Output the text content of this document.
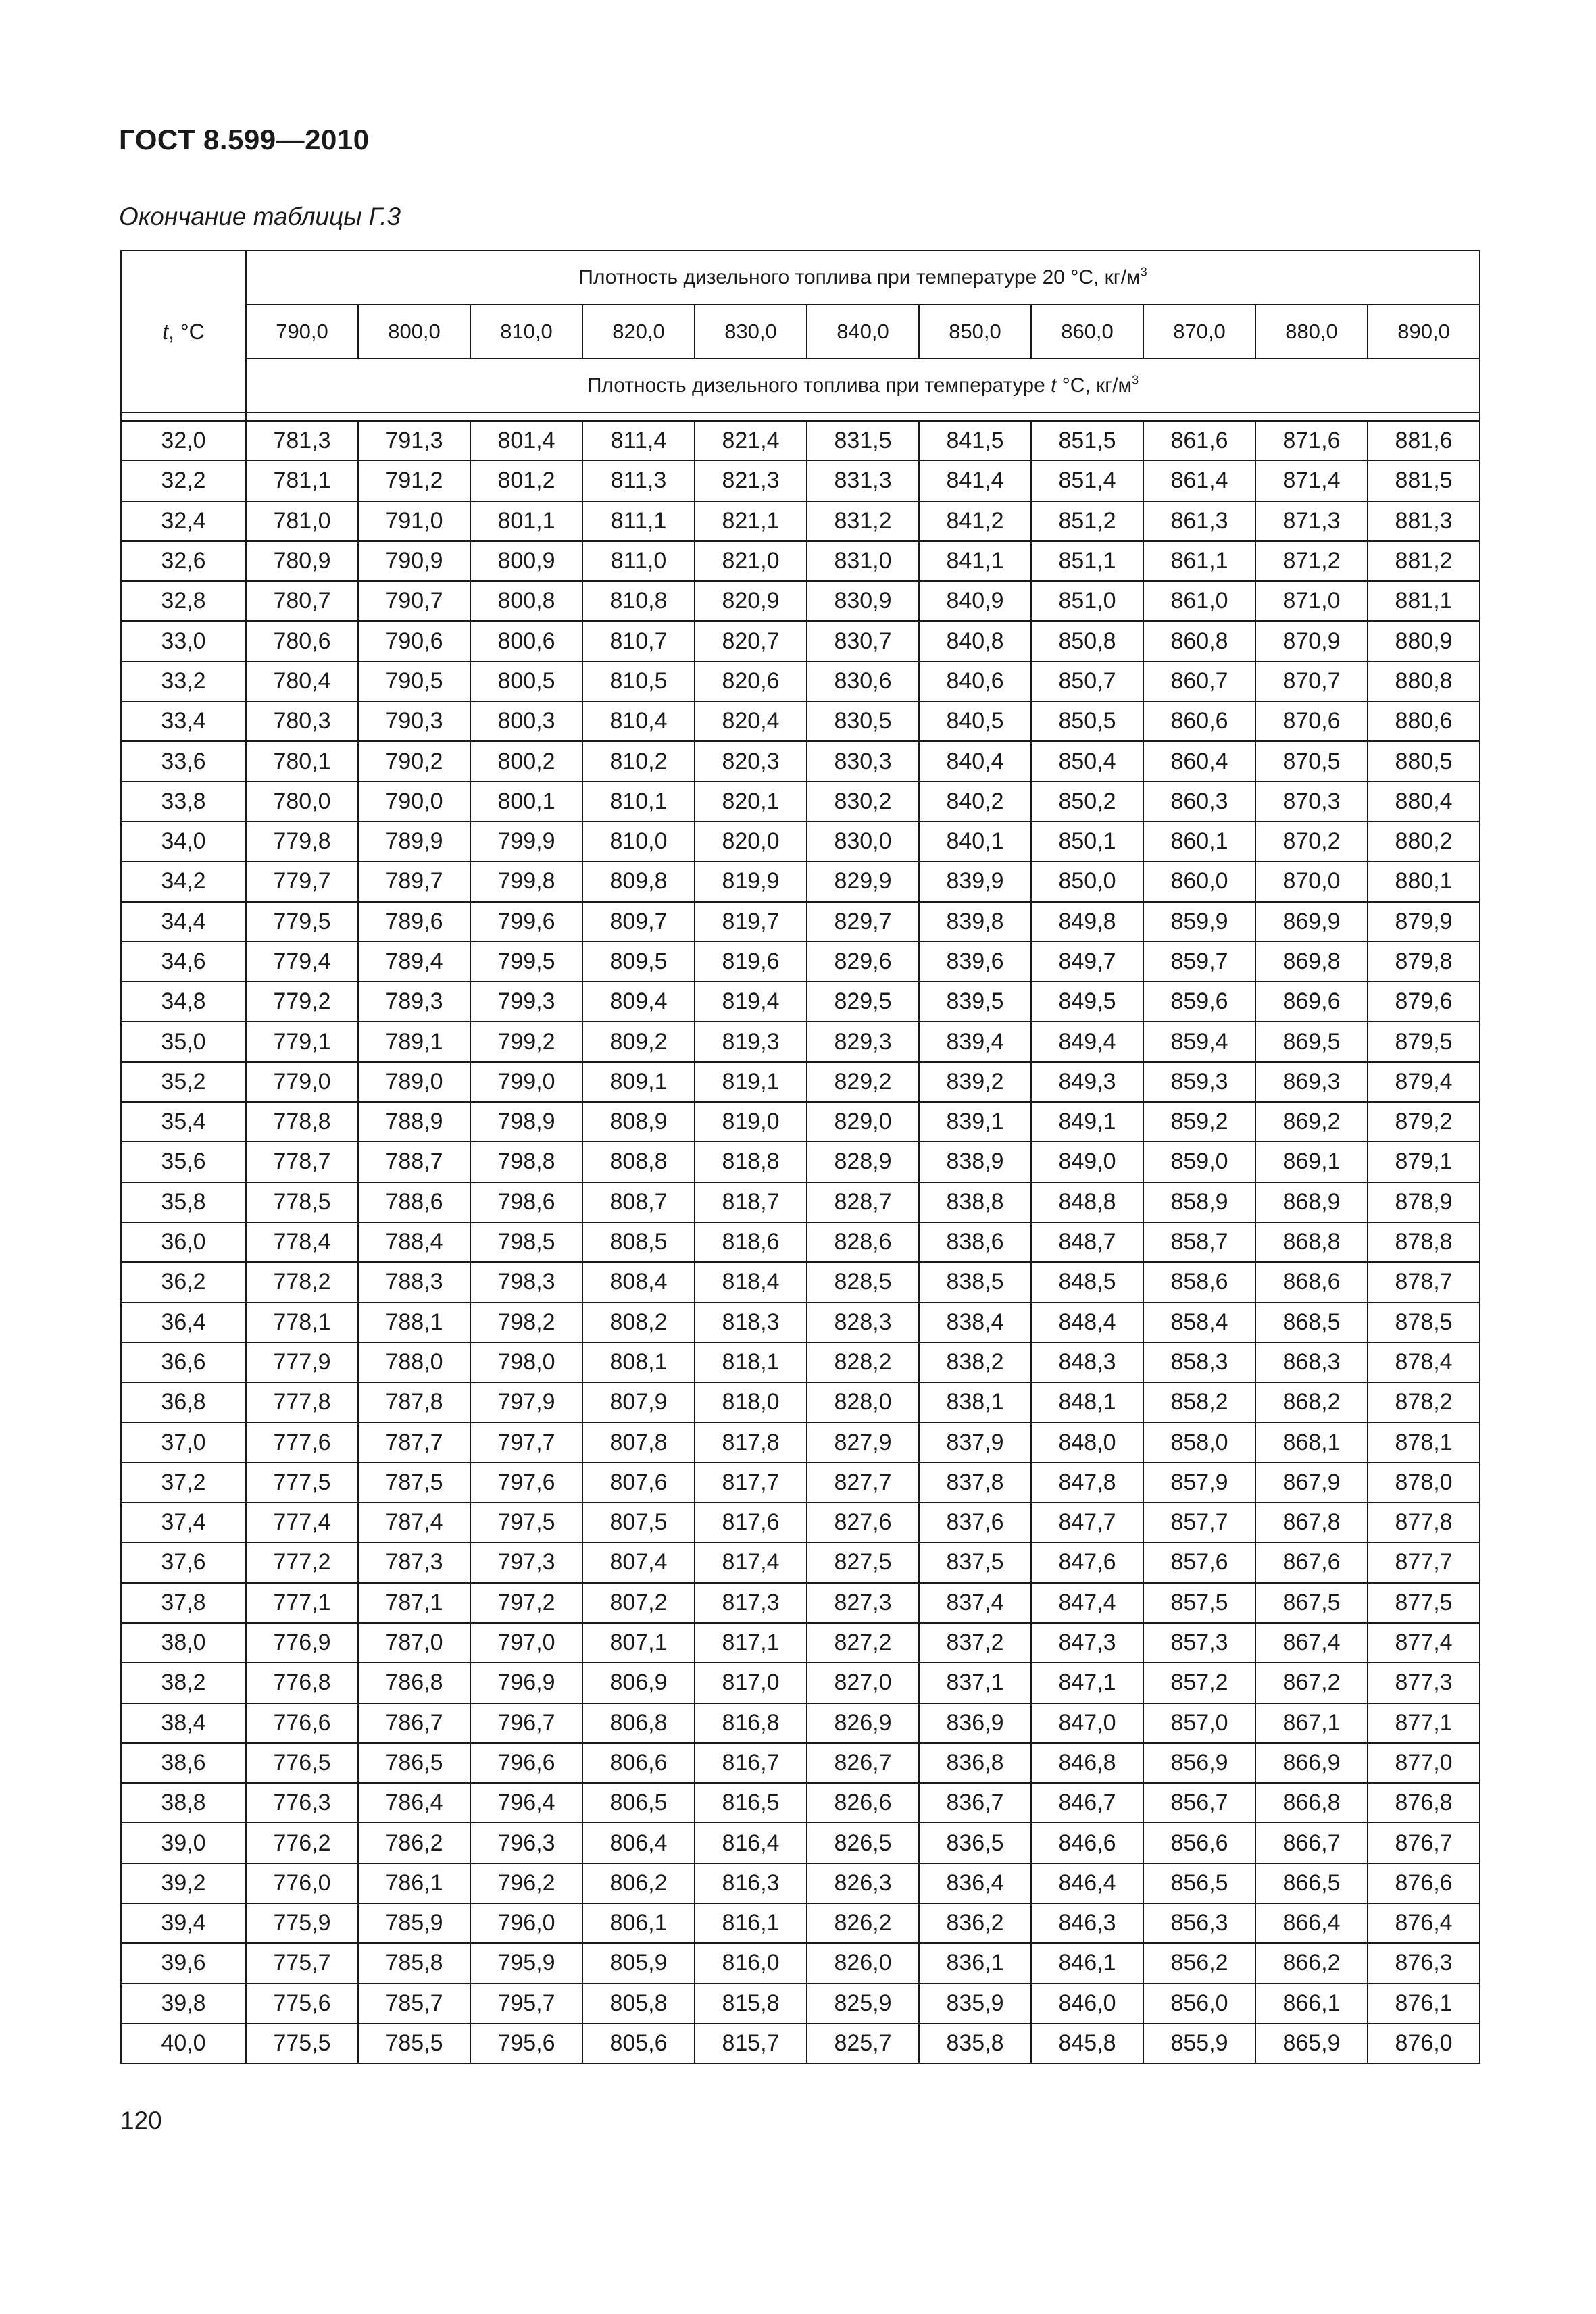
ГОСТ 8.599—2010
Окончание таблицы Г.3
t, °C	Плотность дизельного топлива при температуре 20 °С, $кг/м^3$
	790,0	800,0	810,0	820,0	830,0	840,0	850,0	860,0	870,0	880,0	890,0
	Плотность дизельного топлива при температуре t °С, $кг/м^3$

32,0	781,3	791,3	801,4	811,4	821,4	831,5	841,5	851,5	861,6	871,6	881,6
32,2	781,1	791,2	801,2	811,3	821,3	831,3	841,4	851,4	861,4	871,4	881,5
32,4	781,0	791,0	801,1	811,1	821,1	831,2	841,2	851,2	861,3	871,3	881,3
32,6	780,9	790,9	800,9	811,0	821,0	831,0	841,1	851,1	861,1	871,2	881,2
32,8	780,7	790,7	800,8	810,8	820,9	830,9	840,9	851,0	861,0	871,0	881,1
33,0	780,6	790,6	800,6	810,7	820,7	830,7	840,8	850,8	860,8	870,9	880,9
33,2	780,4	790,5	800,5	810,5	820,6	830,6	840,6	850,7	860,7	870,7	880,8
33,4	780,3	790,3	800,3	810,4	820,4	830,5	840,5	850,5	860,6	870,6	880,6
33,6	780,1	790,2	800,2	810,2	820,3	830,3	840,4	850,4	860,4	870,5	880,5
33,8	780,0	790,0	800,1	810,1	820,1	830,2	840,2	850,2	860,3	870,3	880,4
34,0	779,8	789,9	799,9	810,0	820,0	830,0	840,1	850,1	860,1	870,2	880,2
34,2	779,7	789,7	799,8	809,8	819,9	829,9	839,9	850,0	860,0	870,0	880,1
34,4	779,5	789,6	799,6	809,7	819,7	829,7	839,8	849,8	859,9	869,9	879,9
34,6	779,4	789,4	799,5	809,5	819,6	829,6	839,6	849,7	859,7	869,8	879,8
34,8	779,2	789,3	799,3	809,4	819,4	829,5	839,5	849,5	859,6	869,6	879,6
35,0	779,1	789,1	799,2	809,2	819,3	829,3	839,4	849,4	859,4	869,5	879,5
35,2	779,0	789,0	799,0	809,1	819,1	829,2	839,2	849,3	859,3	869,3	879,4
35,4	778,8	788,9	798,9	808,9	819,0	829,0	839,1	849,1	859,2	869,2	879,2
35,6	778,7	788,7	798,8	808,8	818,8	828,9	838,9	849,0	859,0	869,1	879,1
35,8	778,5	788,6	798,6	808,7	818,7	828,7	838,8	848,8	858,9	868,9	878,9
36,0	778,4	788,4	798,5	808,5	818,6	828,6	838,6	848,7	858,7	868,8	878,8
36,2	778,2	788,3	798,3	808,4	818,4	828,5	838,5	848,5	858,6	868,6	878,7
36,4	778,1	788,1	798,2	808,2	818,3	828,3	838,4	848,4	858,4	868,5	878,5
36,6	777,9	788,0	798,0	808,1	818,1	828,2	838,2	848,3	858,3	868,3	878,4
36,8	777,8	787,8	797,9	807,9	818,0	828,0	838,1	848,1	858,2	868,2	878,2
37,0	777,6	787,7	797,7	807,8	817,8	827,9	837,9	848,0	858,0	868,1	878,1
37,2	777,5	787,5	797,6	807,6	817,7	827,7	837,8	847,8	857,9	867,9	878,0
37,4	777,4	787,4	797,5	807,5	817,6	827,6	837,6	847,7	857,7	867,8	877,8
37,6	777,2	787,3	797,3	807,4	817,4	827,5	837,5	847,6	857,6	867,6	877,7
37,8	777,1	787,1	797,2	807,2	817,3	827,3	837,4	847,4	857,5	867,5	877,5
38,0	776,9	787,0	797,0	807,1	817,1	827,2	837,2	847,3	857,3	867,4	877,4
38,2	776,8	786,8	796,9	806,9	817,0	827,0	837,1	847,1	857,2	867,2	877,3
38,4	776,6	786,7	796,7	806,8	816,8	826,9	836,9	847,0	857,0	867,1	877,1
38,6	776,5	786,5	796,6	806,6	816,7	826,7	836,8	846,8	856,9	866,9	877,0
38,8	776,3	786,4	796,4	806,5	816,5	826,6	836,7	846,7	856,7	866,8	876,8
39,0	776,2	786,2	796,3	806,4	816,4	826,5	836,5	846,6	856,6	866,7	876,7
39,2	776,0	786,1	796,2	806,2	816,3	826,3	836,4	846,4	856,5	866,5	876,6
39,4	775,9	785,9	796,0	806,1	816,1	826,2	836,2	846,3	856,3	866,4	876,4
39,6	775,7	785,8	795,9	805,9	816,0	826,0	836,1	846,1	856,2	866,2	876,3
39,8	775,6	785,7	795,7	805,8	815,8	825,9	835,9	846,0	856,0	866,1	876,1
40,0	775,5	785,5	795,6	805,6	815,7	825,7	835,8	845,8	855,9	865,9	876,0
120
